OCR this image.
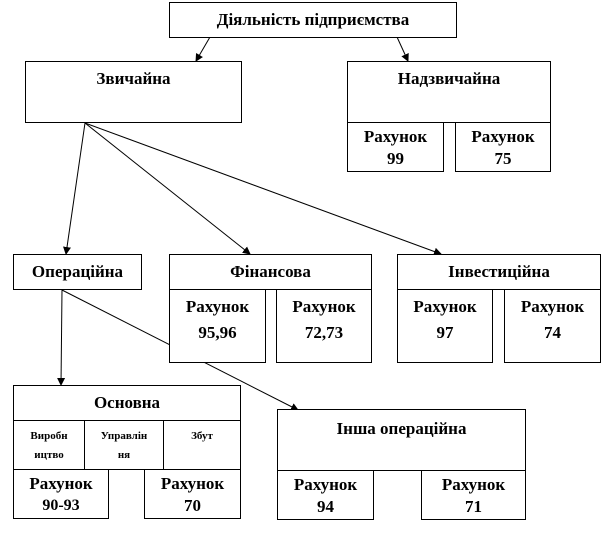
Діяльність підприємства
Звичайна	Надзвичайна
Рахунок
99
Рахунок
75
Операційна	Фінансова
Рахунок
95,96
Рахунок
72,73
Інвестиційна
Рахунок
97
Рахунок
74
Основна
Виробн
ицтво
Управлін
ня
Збут
Рахунок
90-93
Рахунок
70
Інша операційна
Рахунок
94
Рахунок
71
